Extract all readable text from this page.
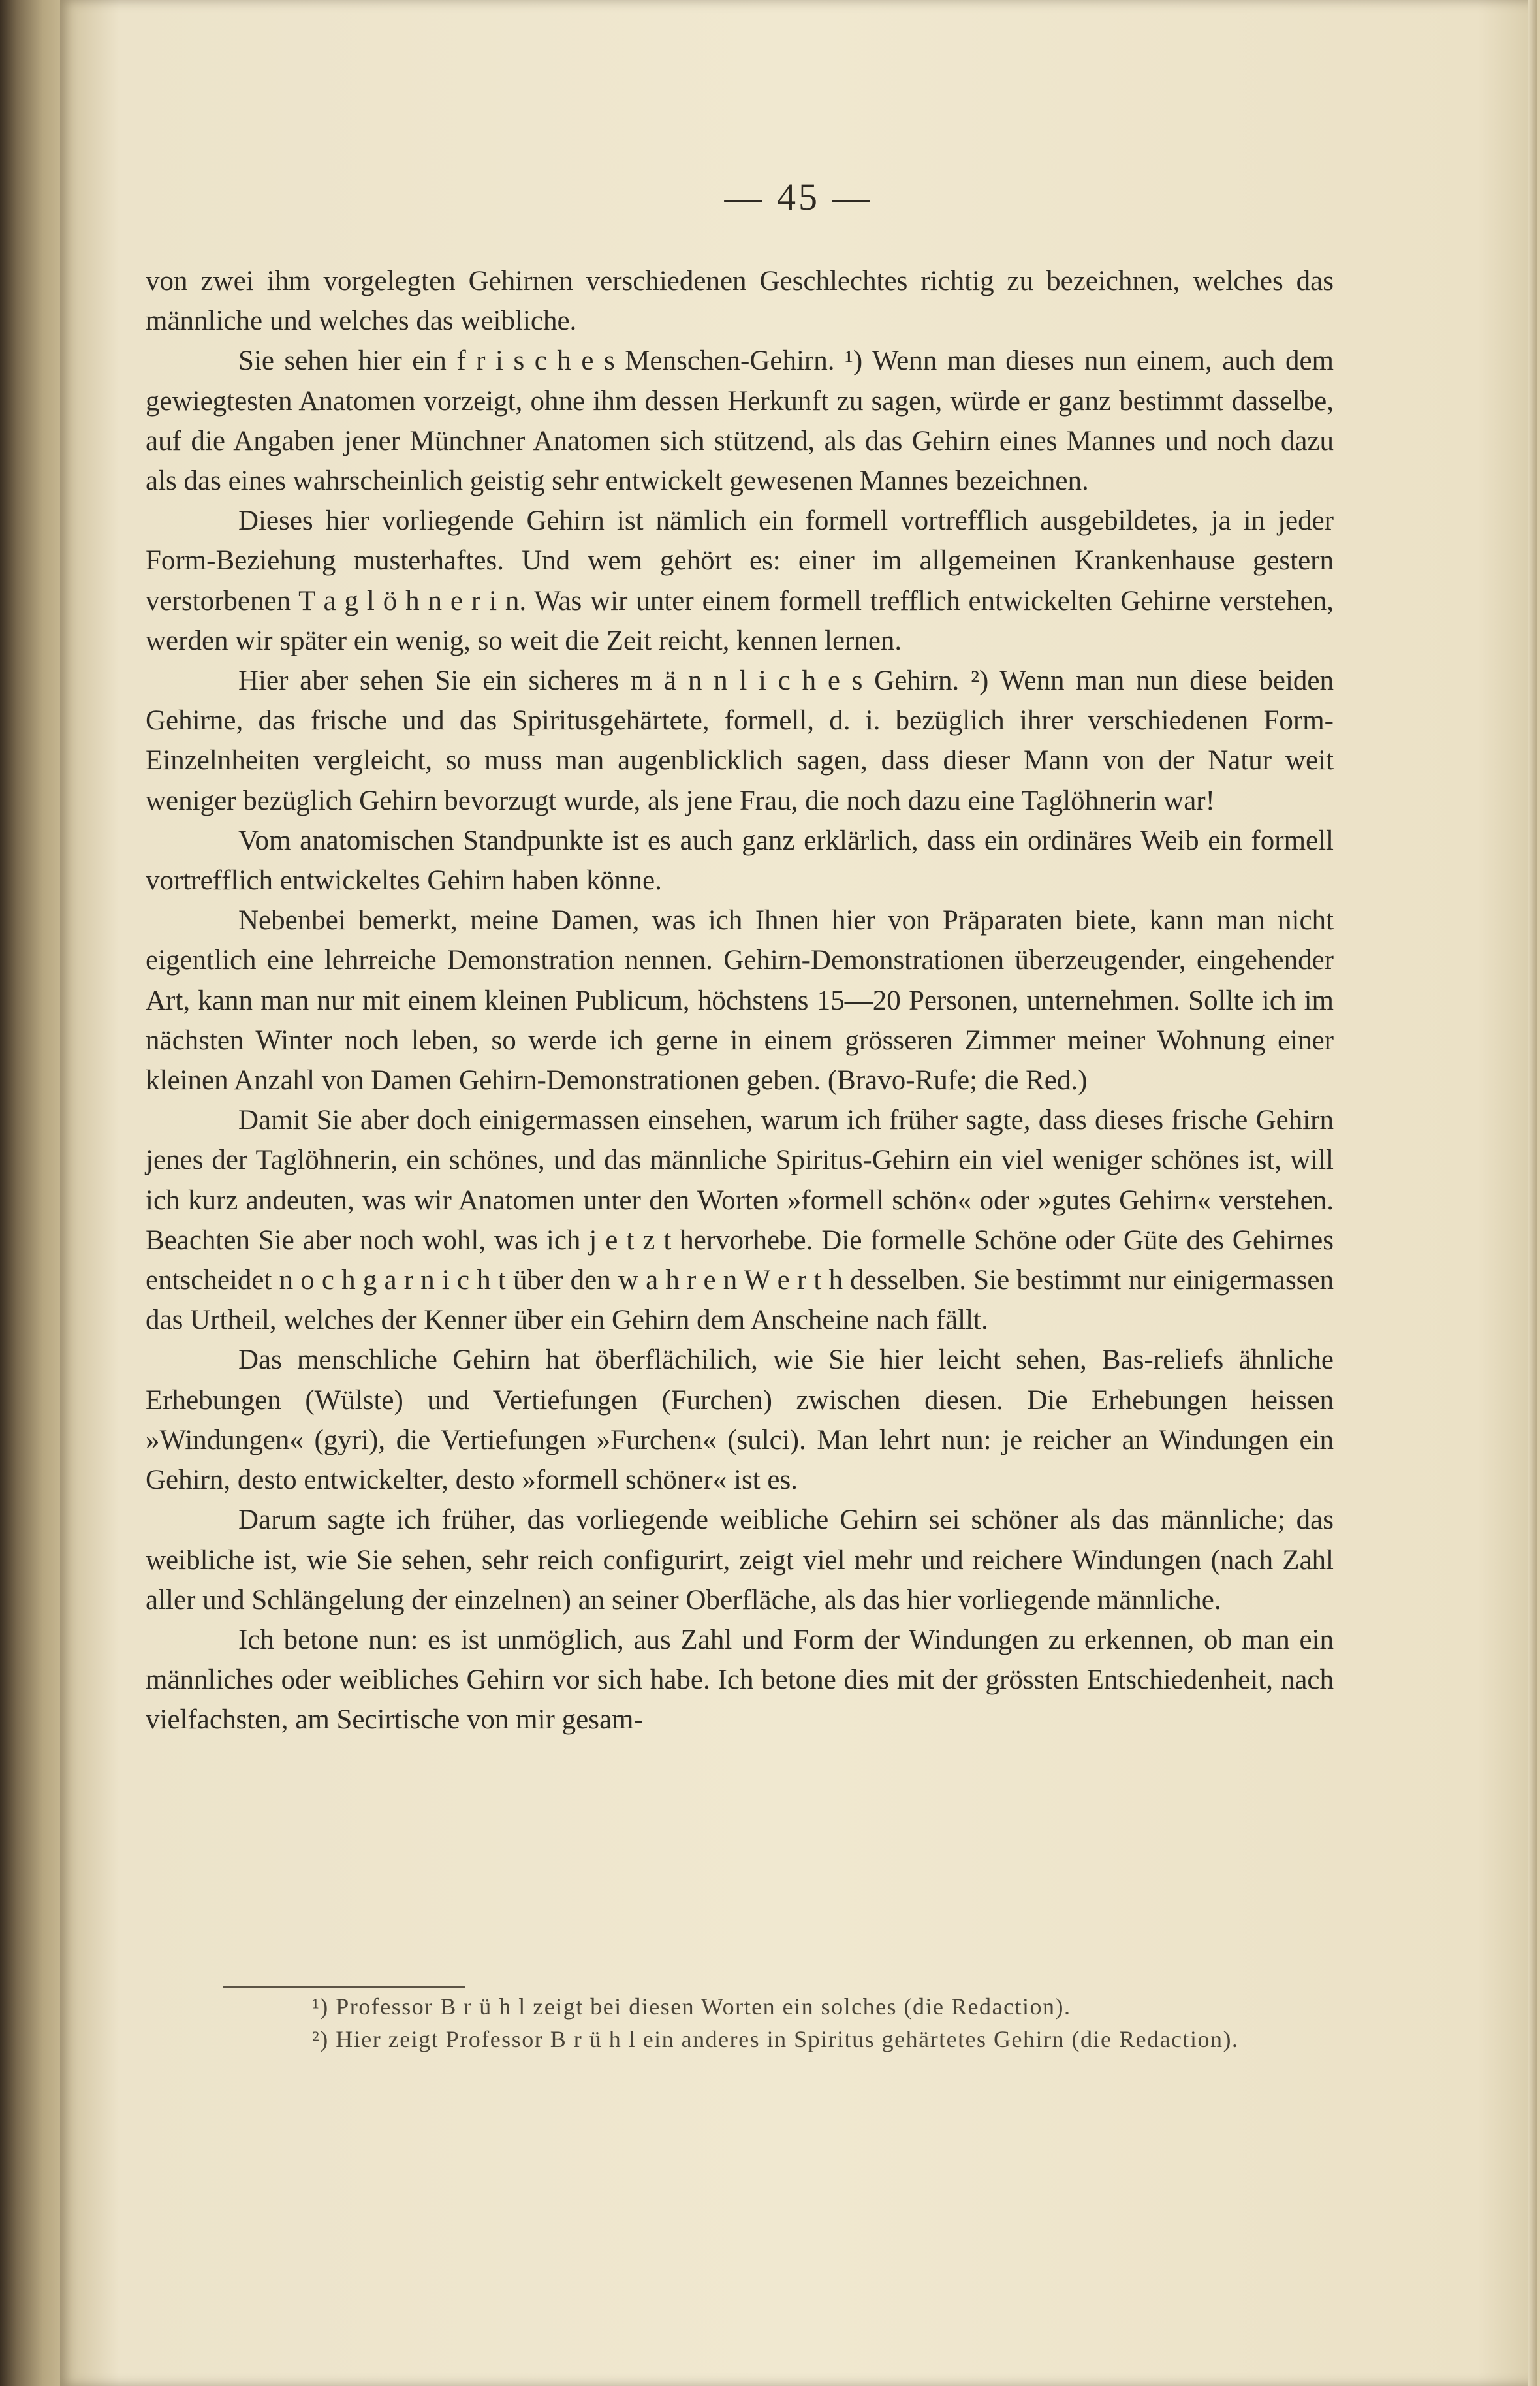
— 45 —

von zwei ihm vorgelegten Gehirnen verschiedenen Geschlechtes richtig zu bezeichnen, welches das männliche und welches das weibliche.

Sie sehen hier ein f r i s c h e s Menschen-Gehirn. ¹) Wenn man dieses nun einem, auch dem gewiegtesten Anatomen vorzeigt, ohne ihm dessen Herkunft zu sagen, würde er ganz bestimmt dasselbe, auf die Angaben jener Münchner Anatomen sich stützend, als das Gehirn eines Mannes und noch dazu als das eines wahrscheinlich geistig sehr entwickelt gewesenen Mannes bezeichnen.

Dieses hier vorliegende Gehirn ist nämlich ein formell vortrefflich ausgebildetes, ja in jeder Form-Beziehung musterhaftes. Und wem gehört es: einer im allgemeinen Krankenhause gestern verstorbenen T a g l ö h n e r i n. Was wir unter einem formell trefflich entwickelten Gehirne verstehen, werden wir später ein wenig, so weit die Zeit reicht, kennen lernen.

Hier aber sehen Sie ein sicheres m ä n n l i c h e s Gehirn. ²) Wenn man nun diese beiden Gehirne, das frische und das Spiritusgehärtete, formell, d. i. bezüglich ihrer verschiedenen Form-Einzelnheiten vergleicht, so muss man augenblicklich sagen, dass dieser Mann von der Natur weit weniger bezüglich Gehirn bevorzugt wurde, als jene Frau, die noch dazu eine Taglöhnerin war!

Vom anatomischen Standpunkte ist es auch ganz erklärlich, dass ein ordinäres Weib ein formell vortrefflich entwickeltes Gehirn haben könne.

Nebenbei bemerkt, meine Damen, was ich Ihnen hier von Präparaten biete, kann man nicht eigentlich eine lehrreiche Demonstration nennen. Gehirn-Demonstrationen überzeugender, eingehender Art, kann man nur mit einem kleinen Publicum, höchstens 15—20 Personen, unternehmen. Sollte ich im nächsten Winter noch leben, so werde ich gerne in einem grösseren Zimmer meiner Wohnung einer kleinen Anzahl von Damen Gehirn-Demonstrationen geben. (Bravo-Rufe; die Red.)

Damit Sie aber doch einigermassen einsehen, warum ich früher sagte, dass dieses frische Gehirn jenes der Taglöhnerin, ein schönes, und das männliche Spiritus-Gehirn ein viel weniger schönes ist, will ich kurz andeuten, was wir Anatomen unter den Worten »formell schön« oder »gutes Gehirn« verstehen. Beachten Sie aber noch wohl, was ich j e t z t hervorhebe. Die formelle Schöne oder Güte des Gehirnes entscheidet n o c h g a r n i c h t über den w a h r e n W e r t h desselben. Sie bestimmt nur einigermassen das Urtheil, welches der Kenner über ein Gehirn dem Anscheine nach fällt.

Das menschliche Gehirn hat öberflächilich, wie Sie hier leicht sehen, Bas-reliefs ähnliche Erhebungen (Wülste) und Vertiefungen (Furchen) zwischen diesen. Die Erhebungen heissen »Windungen« (gyri), die Vertiefungen »Furchen« (sulci). Man lehrt nun: je reicher an Windungen ein Gehirn, desto entwickelter, desto »formell schöner« ist es.

Darum sagte ich früher, das vorliegende weibliche Gehirn sei schöner als das männliche; das weibliche ist, wie Sie sehen, sehr reich configurirt, zeigt viel mehr und reichere Windungen (nach Zahl aller und Schlängelung der einzelnen) an seiner Oberfläche, als das hier vorliegende männliche.

Ich betone nun: es ist unmöglich, aus Zahl und Form der Windungen zu erkennen, ob man ein männliches oder weibliches Gehirn vor sich habe. Ich betone dies mit der grössten Entschiedenheit, nach vielfachsten, am Secirtische von mir gesam-

¹) Professor B r ü h l zeigt bei diesen Worten ein solches (die Redaction).

²) Hier zeigt Professor B r ü h l ein anderes in Spiritus gehärtetes Gehirn (die Redaction).
